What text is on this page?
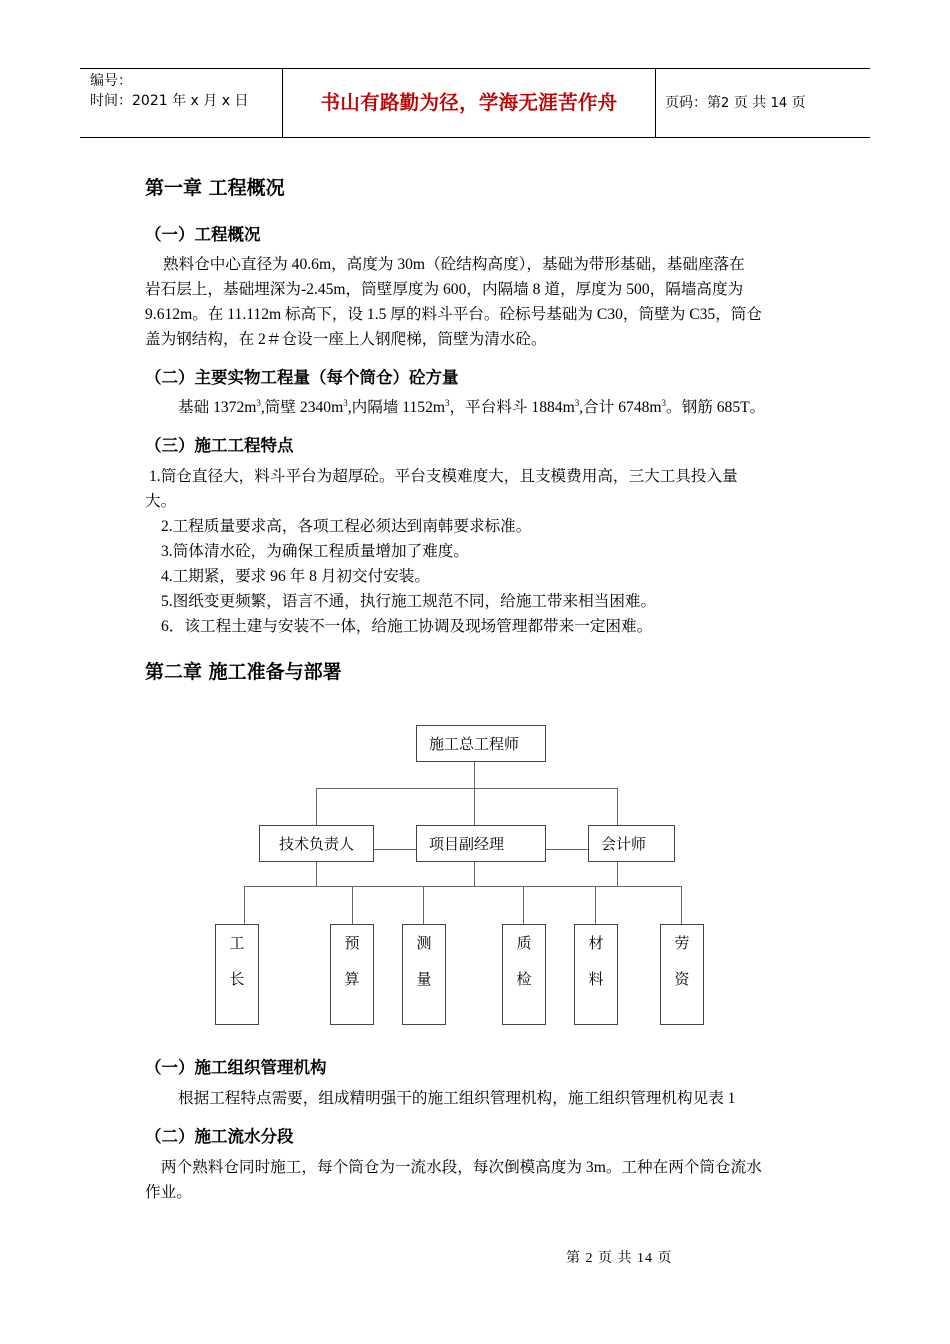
编号：
时间：2021 年 x 月 x 日	书山有路勤为径，学海无涯苦作舟	页码：第2 页 共 14 页
第一章 工程概况
（一）工程概况
熟料仓中心直径为 40.6m，高度为 30m（砼结构高度），基础为带形基础，基础座落在
岩石层上，基础埋深为-2.45m，筒壁厚度为 600，内隔墙 8 道，厚度为 500，隔墙高度为
9.612m。在 11.112m 标高下，设 1.5 厚的料斗平台。砼标号基础为 C30，筒壁为 C35，筒仓
盖为钢结构，在 2＃仓设一座上人钢爬梯，筒壁为清水砼。
（二）主要实物工程量（每个筒仓）砼方量
基础 $1372m^3$,筒壁 $2340m^3$,内隔墙 $1152m^3$，平台料斗 $1884m^3$,合计 $6748m^3$。钢筋 685T。
（三）施工工程特点
1.筒仓直径大，料斗平台为超厚砼。平台支模难度大，且支模费用高，三大工具投入量
大。
2.工程质量要求高，各项工程必须达到南韩要求标准。
3.筒体清水砼，为确保工程质量增加了难度。
4.工期紧，要求 96 年 8 月初交付安装。
5.图纸变更频繁，语言不通，执行施工规范不同，给施工带来相当困难。
6．该工程土建与安装不一体，给施工协调及现场管理都带来一定困难。
第二章 施工准备与部署
施工总工程师
技术负责人	项目副经理	会计师
工
长
预
算
测
量
质
检
材
料
劳
资
（一）施工组织管理机构
根据工程特点需要，组成精明强干的施工组织管理机构，施工组织管理机构见表 1
（二）施工流水分段
两个熟料仓同时施工，每个筒仓为一流水段，每次倒模高度为 3m。工种在两个筒仓流水
作业。
第 2 页 共 14 页
